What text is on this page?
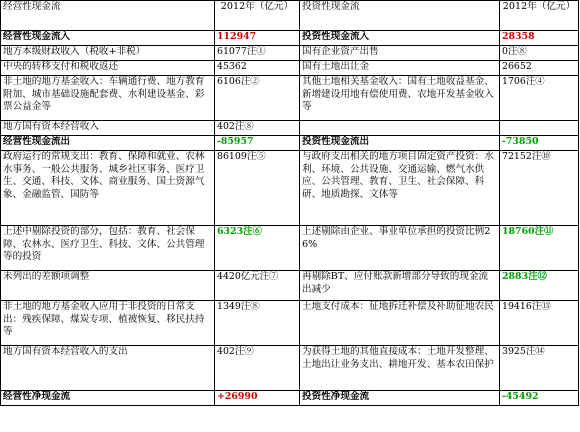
经营性现金流	2012年（亿元）	投资性现金流	2012年（亿元）
经营性现金流入	112947	投资性现金流入	28358
地方本级财政收入（税收+非税）	61077注①	国有企业资产出售	0注⑧
中央的转移支付和税收返还	45362	国有土地出让金	26652
非土地的地方基金收入：车辆通行费、地方教育附加、城市基础设施配套费、水利建设基金、彩票公益金等	6106注②	其他土地相关基金收入：国有土地收益基金、新增建设用地有偿使用费、农地开发基金收入等	1706注④
地方国有资本经营收入	402注⑧		
经营性现金流出	-85957	投资性现金流出	-73850
政府运行的常规支出：教育、保障和就业、农林水事务、一般公共服务、城乡社区事务、医疗卫生、交通、科技、文体、商业服务、国土资源气象、金融监管、国防等	86109注⑤	与政府支出相关的地方项目固定资产投资：水利、环境、公共设施、交通运输、燃气水供应、公共管理、教育、卫生、社会保障、科研、地质勘探、文体等	72152注⑩
上述中剔除投资的部分，包括：教育、社会保障、农林水、医疗卫生、科技、文体、公共管理等的投资	6323注⑥	上述剔除由企业、事业单位承担的投资比例26%	18760注⑪
未列出的差额项调整	4420亿元注⑦	再剔除BT、应付账款新增部分导致的现金流出减少	2883注⑫
非土地的地方基金收入应用于非投资的日常支出：残疾保障、煤炭专项、植被恢复、移民扶持等	1349注⑧	土地支付成本：征地拆迁补偿及补助征地农民	19416注⑬
地方国有资本经营收入的支出	402注⑨	为获得土地的其他直接成本：土地开发整理、土地出让业务支出、耕地开发、基本农田保护	3925注⑭
经营性净现金流	+26990	投资性净现金流	-45492
